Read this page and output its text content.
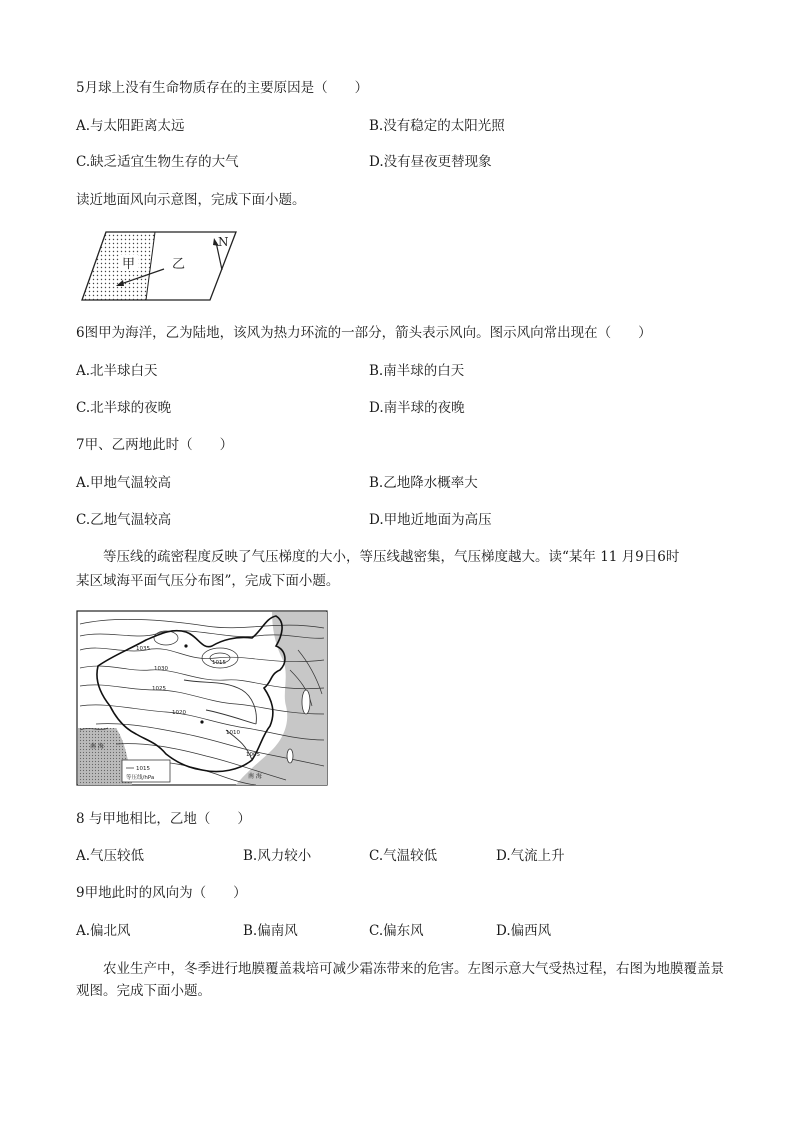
5月球上没有生命物质存在的主要原因是（　　）
A.与太阳距离太远	B.没有稳定的太阳光照
C.缺乏适宜生物生存的大气	D.没有昼夜更替现象
读近地面风向示意图，完成下面小题。
甲	乙
N
6图甲为海洋，乙为陆地，该风为热力环流的一部分，箭头表示风向。图示风向常出现在（　　）
A.北半球白天	B.南半球的白天
C.北半球的夜晚	D.南半球的夜晚
7甲、乙两地此时（　　）
A.甲地气温较高	B.乙地降水概率大
C.乙地气温较高	D.甲地近地面为高压
　　等压线的疏密程度反映了气压梯度的大小，等压线越密集，气压梯度越大。读“某年 11 月9日6时
某区域海平面气压分布图”，完成下面小题。
1035
1030
1025
1020
1015
1010
1005
南 海
南 海
1015
等压线/hPa
8 与甲地相比，乙地（　　）
A.气压较低	B.风力较小	C.气温较低	D.气流上升
9甲地此时的风向为（　　）
A.偏北风	B.偏南风	C.偏东风	D.偏西风
　　农业生产中，冬季进行地膜覆盖栽培可减少霜冻带来的危害。左图示意大气受热过程，右图为地膜覆盖景观图。完成下面小题。
